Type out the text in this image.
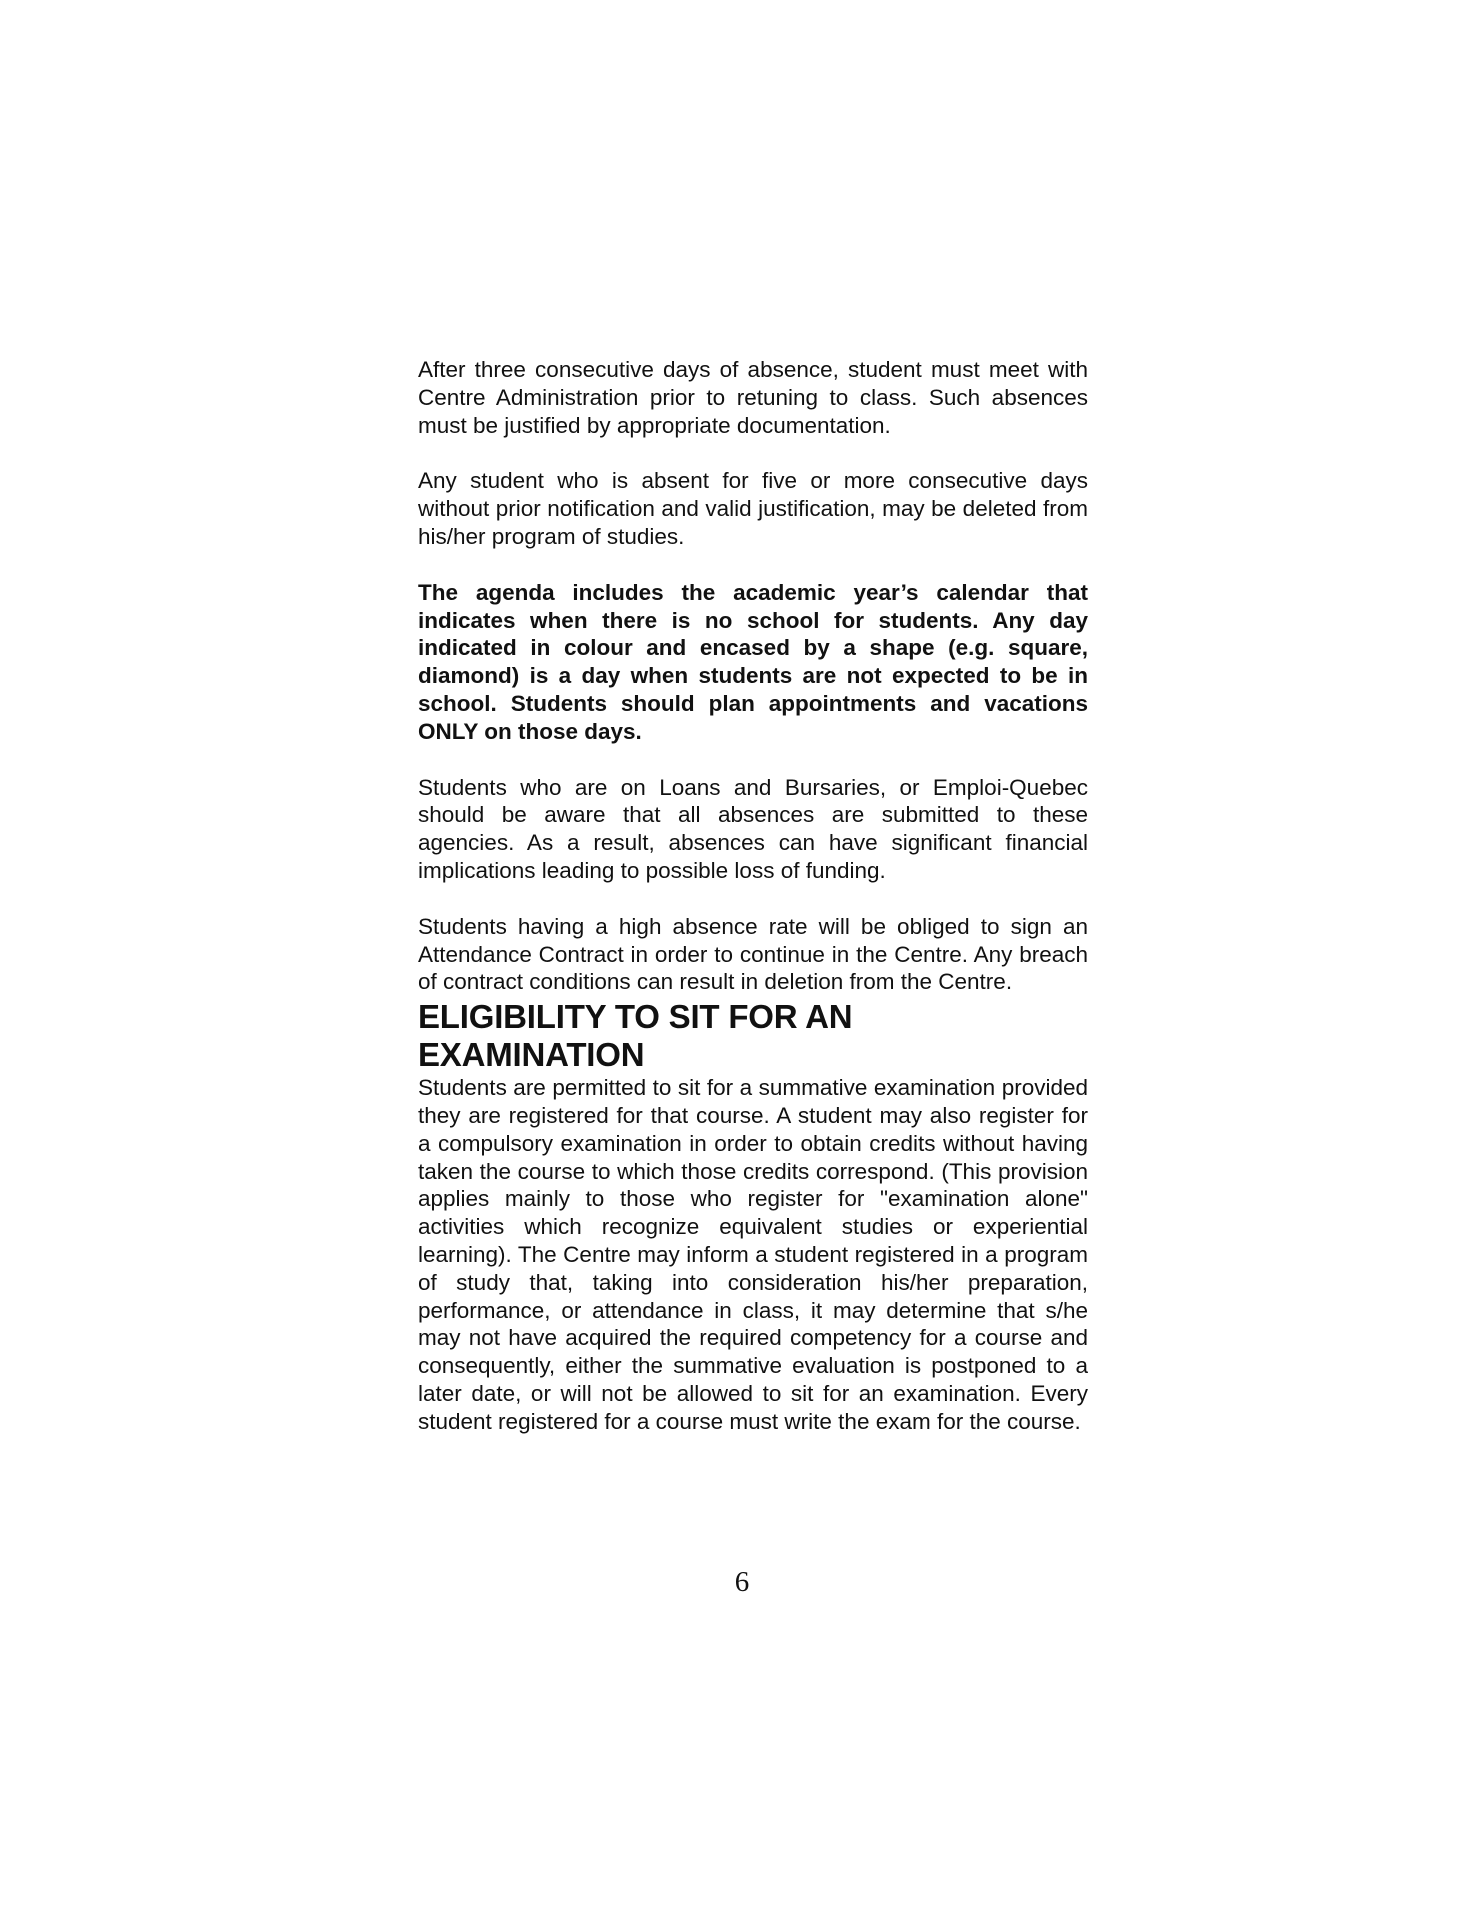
After three consecutive days of absence, student must meet with Centre Administration prior to retuning to class. Such absences must be justified by appropriate documentation.

Any student who is absent for five or more consecutive days without prior notification and valid justification, may be deleted from his/her program of studies.

The agenda includes the academic year’s calendar that indicates when there is no school for students. Any day indicated in colour and encased by a shape (e.g. square, diamond) is a day when students are not expected to be in school. Students should plan appointments and vacations ONLY on those days.

Students who are on Loans and Bursaries, or Emploi-Quebec should be aware that all absences are submitted to these agencies. As a result, absences can have significant financial implications leading to possible loss of funding.

Students having a high absence rate will be obliged to sign an Attendance Contract in order to continue in the Centre. Any breach of contract conditions can result in deletion from the Centre.

ELIGIBILITY TO SIT FOR AN
EXAMINATION

Students are permitted to sit for a summative examination provided they are registered for that course. A student may also register for a compulsory examination in order to obtain credits without having taken the course to which those credits correspond. (This provision applies mainly to those who register for "examination alone" activities which recognize equivalent studies or experiential learning). The Centre may inform a student registered in a program of study that, taking into consideration his/her preparation, performance, or attendance in class, it may determine that s/he may not have acquired the required competency for a course and consequently, either the summative evaluation is postponed to a later date, or will not be allowed to sit for an examination. Every student registered for a course must write the exam for the course.

6
